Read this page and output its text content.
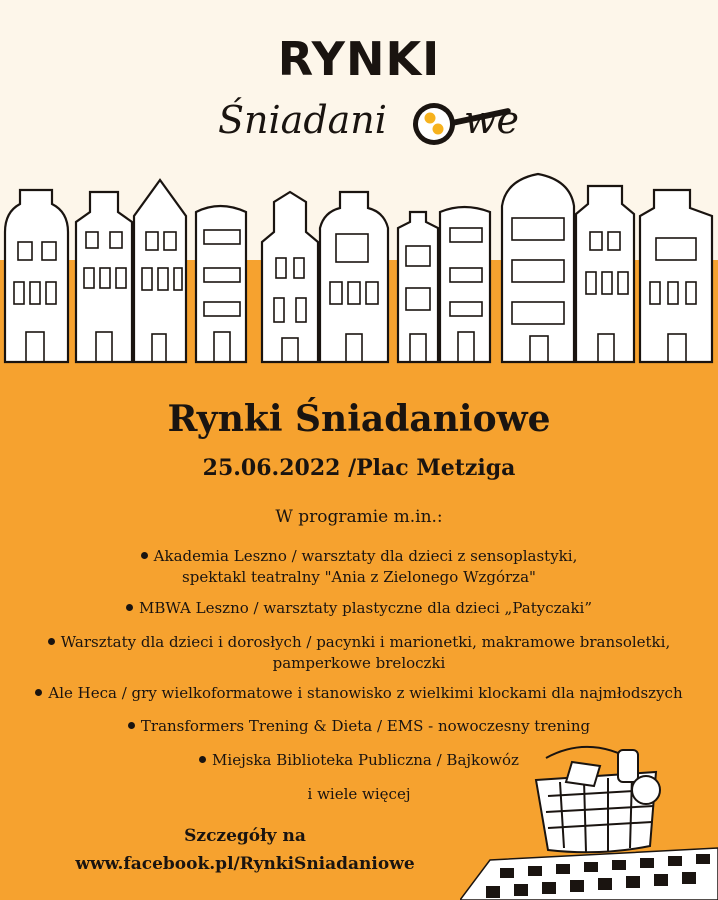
RYNKI
Śniadani we
Rynki Śniadaniowe
25.06.2022 /Plac Metziga
W programie m.in.:
Akademia Leszno / warsztaty dla dzieci z sensoplastyki,
spektakl teatralny "Ania z Zielonego Wzgórza"
MBWA Leszno / warsztaty plastyczne dla dzieci „Patyczaki”
Warsztaty dla dzieci i dorosłych / pacynki i marionetki, makramowe bransoletki,
pamperkowe breloczki
Ale Heca / gry wielkoformatowe i stanowisko z wielkimi klockami dla najmłodszych
Transformers Trening & Dieta / EMS - nowoczesny trening
Miejska Biblioteka Publiczna / Bajkowóz
i wiele więcej
Szczegóły na
www.facebook.pl/RynkiSniadaniowe
